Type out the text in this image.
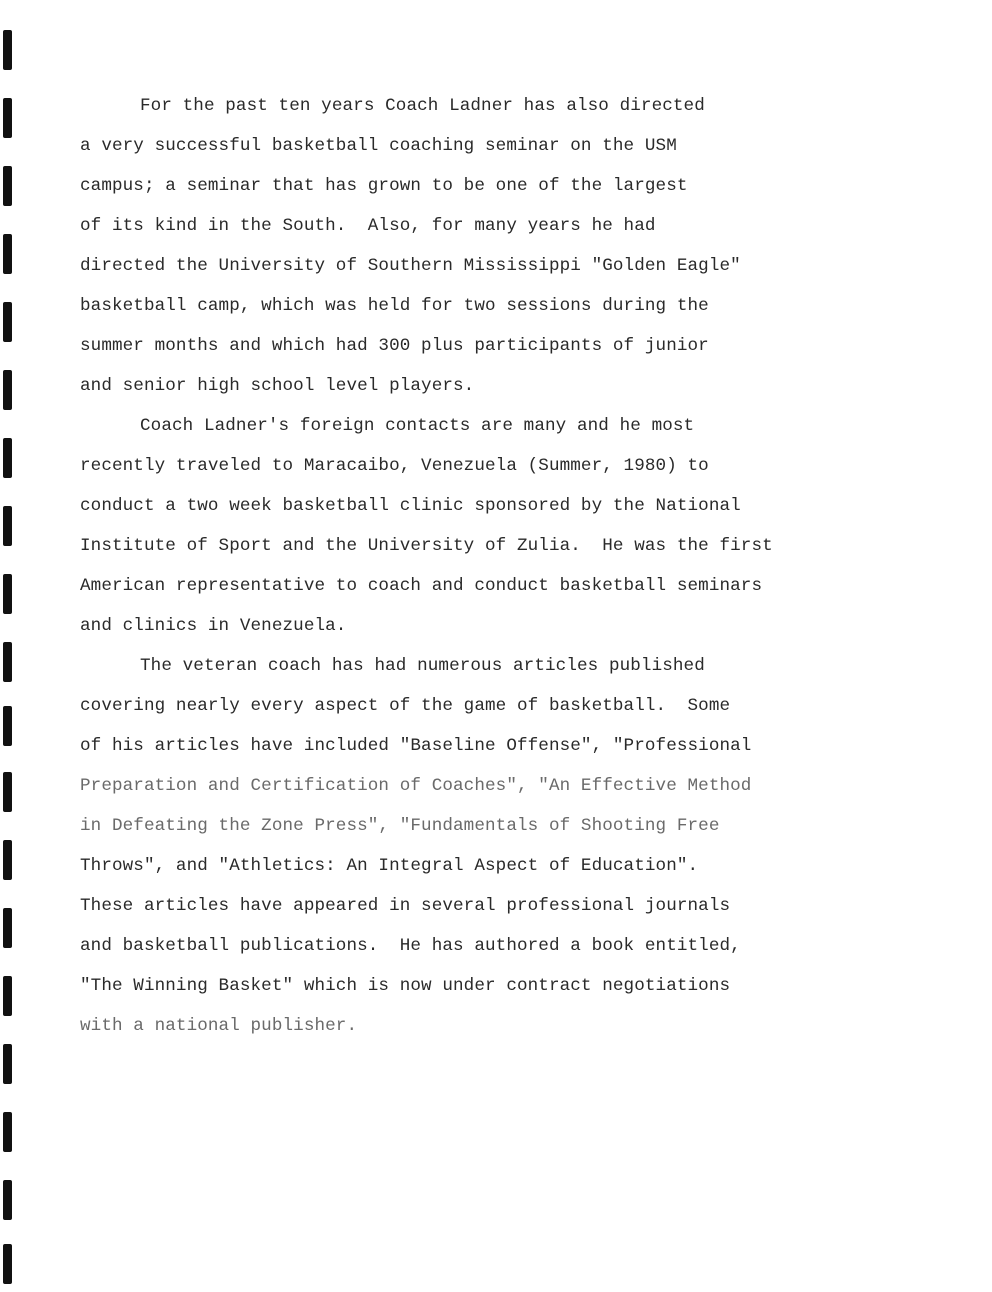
For the past ten years Coach Ladner has also directed
a very successful basketball coaching seminar on the USM
campus; a seminar that has grown to be one of the largest
of its kind in the South.  Also, for many years he had
directed the University of Southern Mississippi "Golden Eagle"
basketball camp, which was held for two sessions during the
summer months and which had 300 plus participants of junior
and senior high school level players.
Coach Ladner's foreign contacts are many and he most
recently traveled to Maracaibo, Venezuela (Summer, 1980) to
conduct a two week basketball clinic sponsored by the National
Institute of Sport and the University of Zulia.  He was the first
American representative to coach and conduct basketball seminars
and clinics in Venezuela.
The veteran coach has had numerous articles published
covering nearly every aspect of the game of basketball.  Some
of his articles have included "Baseline Offense", "Professional
Preparation and Certification of Coaches", "An Effective Method
in Defeating the Zone Press", "Fundamentals of Shooting Free
Throws", and "Athletics: An Integral Aspect of Education".
These articles have appeared in several professional journals
and basketball publications.  He has authored a book entitled,
"The Winning Basket" which is now under contract negotiations
with a national publisher.
